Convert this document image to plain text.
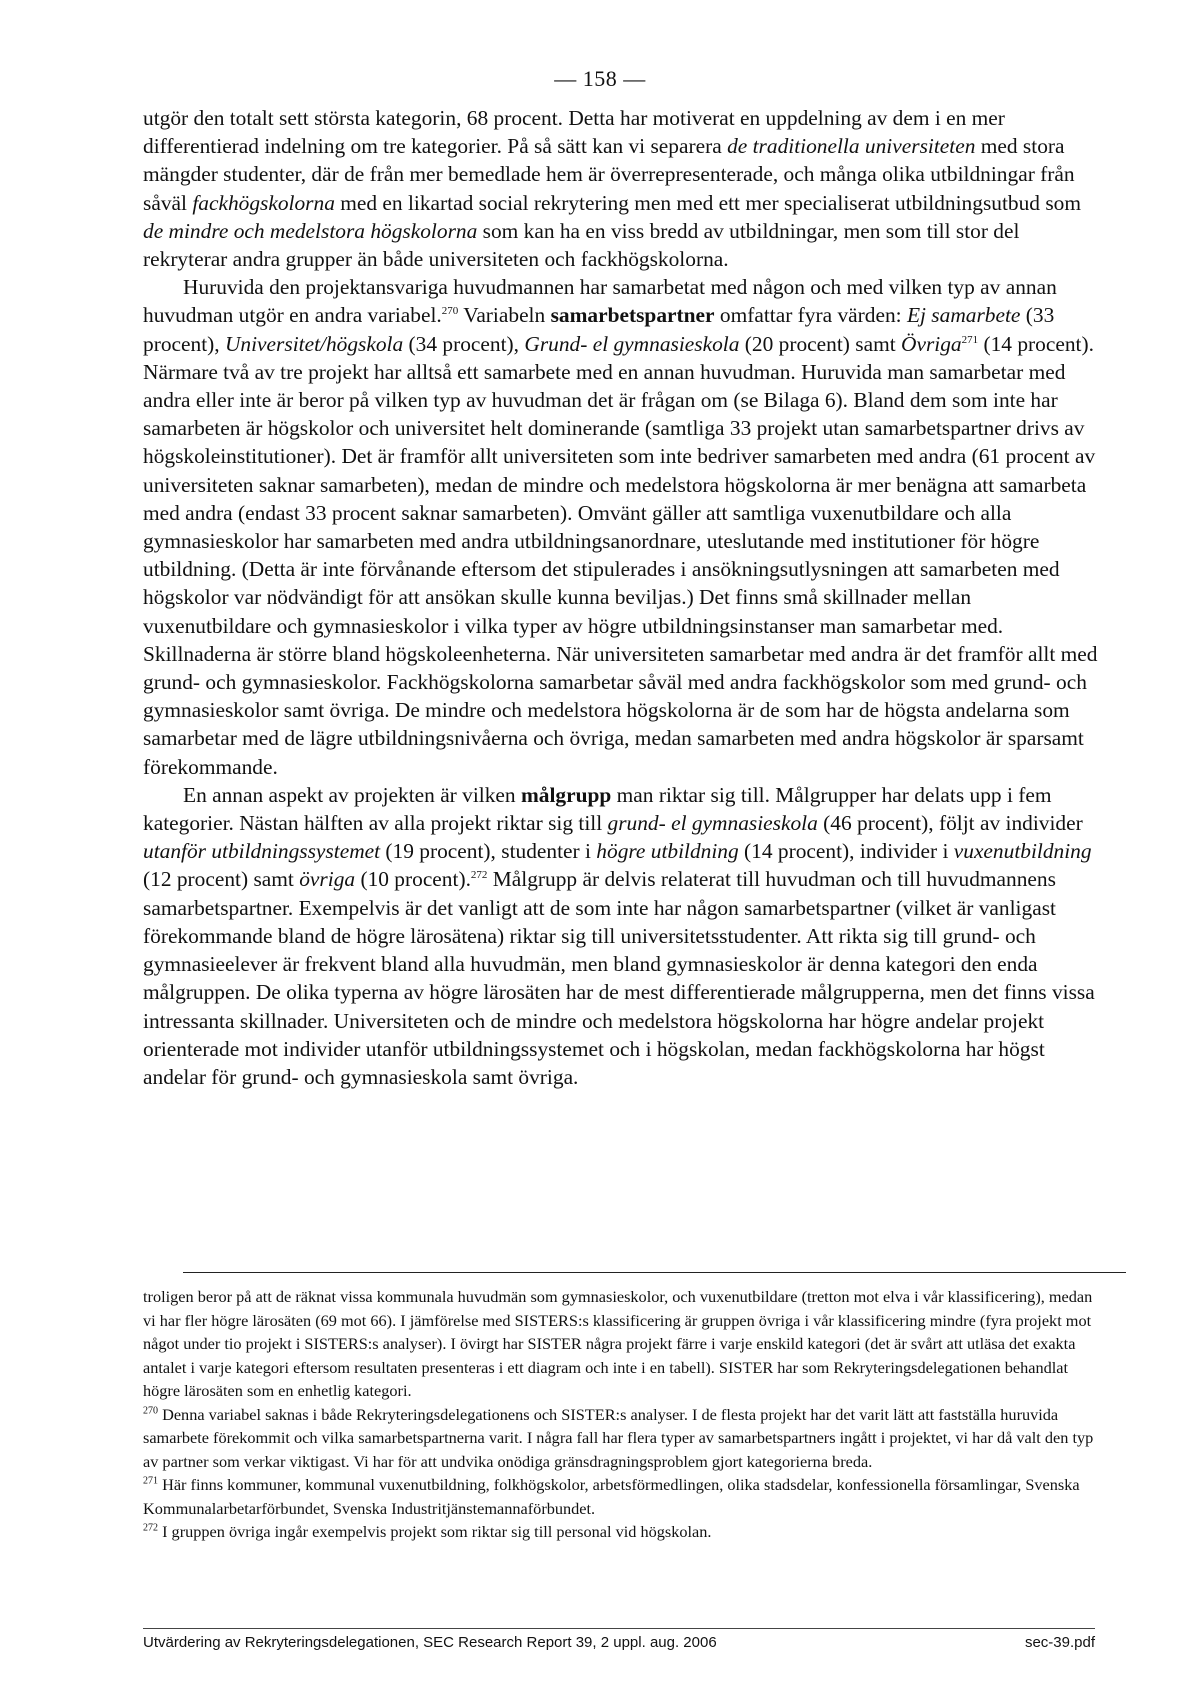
— 158 —

utgör den totalt sett största kategorin, 68 procent. Detta har motiverat en uppdelning av dem i en mer differentierad indelning om tre kategorier. På så sätt kan vi separera de traditionella universiteten med stora mängder studenter, där de från mer bemedlade hem är överrepresenterade, och många olika utbildningar från såväl fackhögskolorna med en likartad social rekrytering men med ett mer specialiserat utbildningsutbud som de mindre och medelstora högskolorna som kan ha en viss bredd av utbildningar, men som till stor del rekryterar andra grupper än både universiteten och fackhögskolorna.

Huruvida den projektansvariga huvudmannen har samarbetat med någon och med vilken typ av annan huvudman utgör en andra variabel.$^{270}$ Variabeln samarbetspartner omfattar fyra värden: Ej samarbete (33 procent), Universitet/högskola (34 procent), Grund- el gymnasieskola (20 procent) samt Övriga$^{271}$ (14 procent). Närmare två av tre projekt har alltså ett samarbete med en annan huvudman. Huruvida man samarbetar med andra eller inte är beror på vilken typ av huvudman det är frågan om (se Bilaga 6). Bland dem som inte har samarbeten är högskolor och universitet helt dominerande (samtliga 33 projekt utan samarbetspartner drivs av högskoleinstitutioner). Det är framför allt universiteten som inte bedriver samarbeten med andra (61 procent av universiteten saknar samarbeten), medan de mindre och medelstora högskolorna är mer benägna att samarbeta med andra (endast 33 procent saknar samarbeten). Omvänt gäller att samtliga vuxenutbildare och alla gymnasieskolor har samarbeten med andra utbildningsanordnare, uteslutande med institutioner för högre utbildning. (Detta är inte förvånande eftersom det stipulerades i ansökningsutlysningen att samarbeten med högskolor var nödvändigt för att ansökan skulle kunna beviljas.) Det finns små skillnader mellan vuxenutbildare och gymnasieskolor i vilka typer av högre utbildningsinstanser man samarbetar med. Skillnaderna är större bland högskoleenheterna. När universiteten samarbetar med andra är det framför allt med grund- och gymnasieskolor. Fackhögskolorna samarbetar såväl med andra fackhögskolor som med grund- och gymnasieskolor samt övriga. De mindre och medelstora högskolorna är de som har de högsta andelarna som samarbetar med de lägre utbildningsnivåerna och övriga, medan samarbeten med andra högskolor är sparsamt förekommande.

En annan aspekt av projekten är vilken målgrupp man riktar sig till. Målgrupper har delats upp i fem kategorier. Nästan hälften av alla projekt riktar sig till grund- el gymnasieskola (46 procent), följt av individer utanför utbildningssystemet (19 procent), studenter i högre utbildning (14 procent), individer i vuxenutbildning (12 procent) samt övriga (10 procent).$^{272}$ Målgrupp är delvis relaterat till huvudman och till huvudmannens samarbetspartner. Exempelvis är det vanligt att de som inte har någon samarbetspartner (vilket är vanligast förekommande bland de högre lärosätena) riktar sig till universitetsstudenter. Att rikta sig till grund- och gymnasieelever är frekvent bland alla huvudmän, men bland gymnasieskolor är denna kategori den enda målgruppen. De olika typerna av högre lärosäten har de mest differentierade målgrupperna, men det finns vissa intressanta skillnader. Universiteten och de mindre och medelstora högskolorna har högre andelar projekt orienterade mot individer utanför utbildningssystemet och i högskolan, medan fackhögskolorna har högst andelar för grund- och gymnasieskola samt övriga.

troligen beror på att de räknat vissa kommunala huvudmän som gymnasieskolor, och vuxenutbildare (tretton mot elva i vår klassificering), medan vi har fler högre lärosäten (69 mot 66). I jämförelse med SISTERS:s klassificering är gruppen övriga i vår klassificering mindre (fyra projekt mot något under tio projekt i SISTERS:s analyser). I övirgt har SISTER några projekt färre i varje enskild kategori (det är svårt att utläsa det exakta antalet i varje kategori eftersom resultaten presenteras i ett diagram och inte i en tabell). SISTER har som Rekryteringsdelegationen behandlat högre lärosäten som en enhetlig kategori.

$^{270}$ Denna variabel saknas i både Rekryteringsdelegationens och SISTER:s analyser. I de flesta projekt har det varit lätt att fastställa huruvida samarbete förekommit och vilka samarbetspartnerna varit. I några fall har flera typer av samarbetspartners ingått i projektet, vi har då valt den typ av partner som verkar viktigast. Vi har för att undvika onödiga gränsdragningsproblem gjort kategorierna breda.

$^{271}$ Här finns kommuner, kommunal vuxenutbildning, folkhögskolor, arbetsförmedlingen, olika stadsdelar, konfessionella församlingar, Svenska Kommunalarbetarförbundet, Svenska Industritjänstemannaförbundet.

$^{272}$ I gruppen övriga ingår exempelvis projekt som riktar sig till personal vid högskolan.

Utvärdering av Rekryteringsdelegationen, SEC Research Report 39, 2 uppl. aug. 2006	sec-39.pdf
